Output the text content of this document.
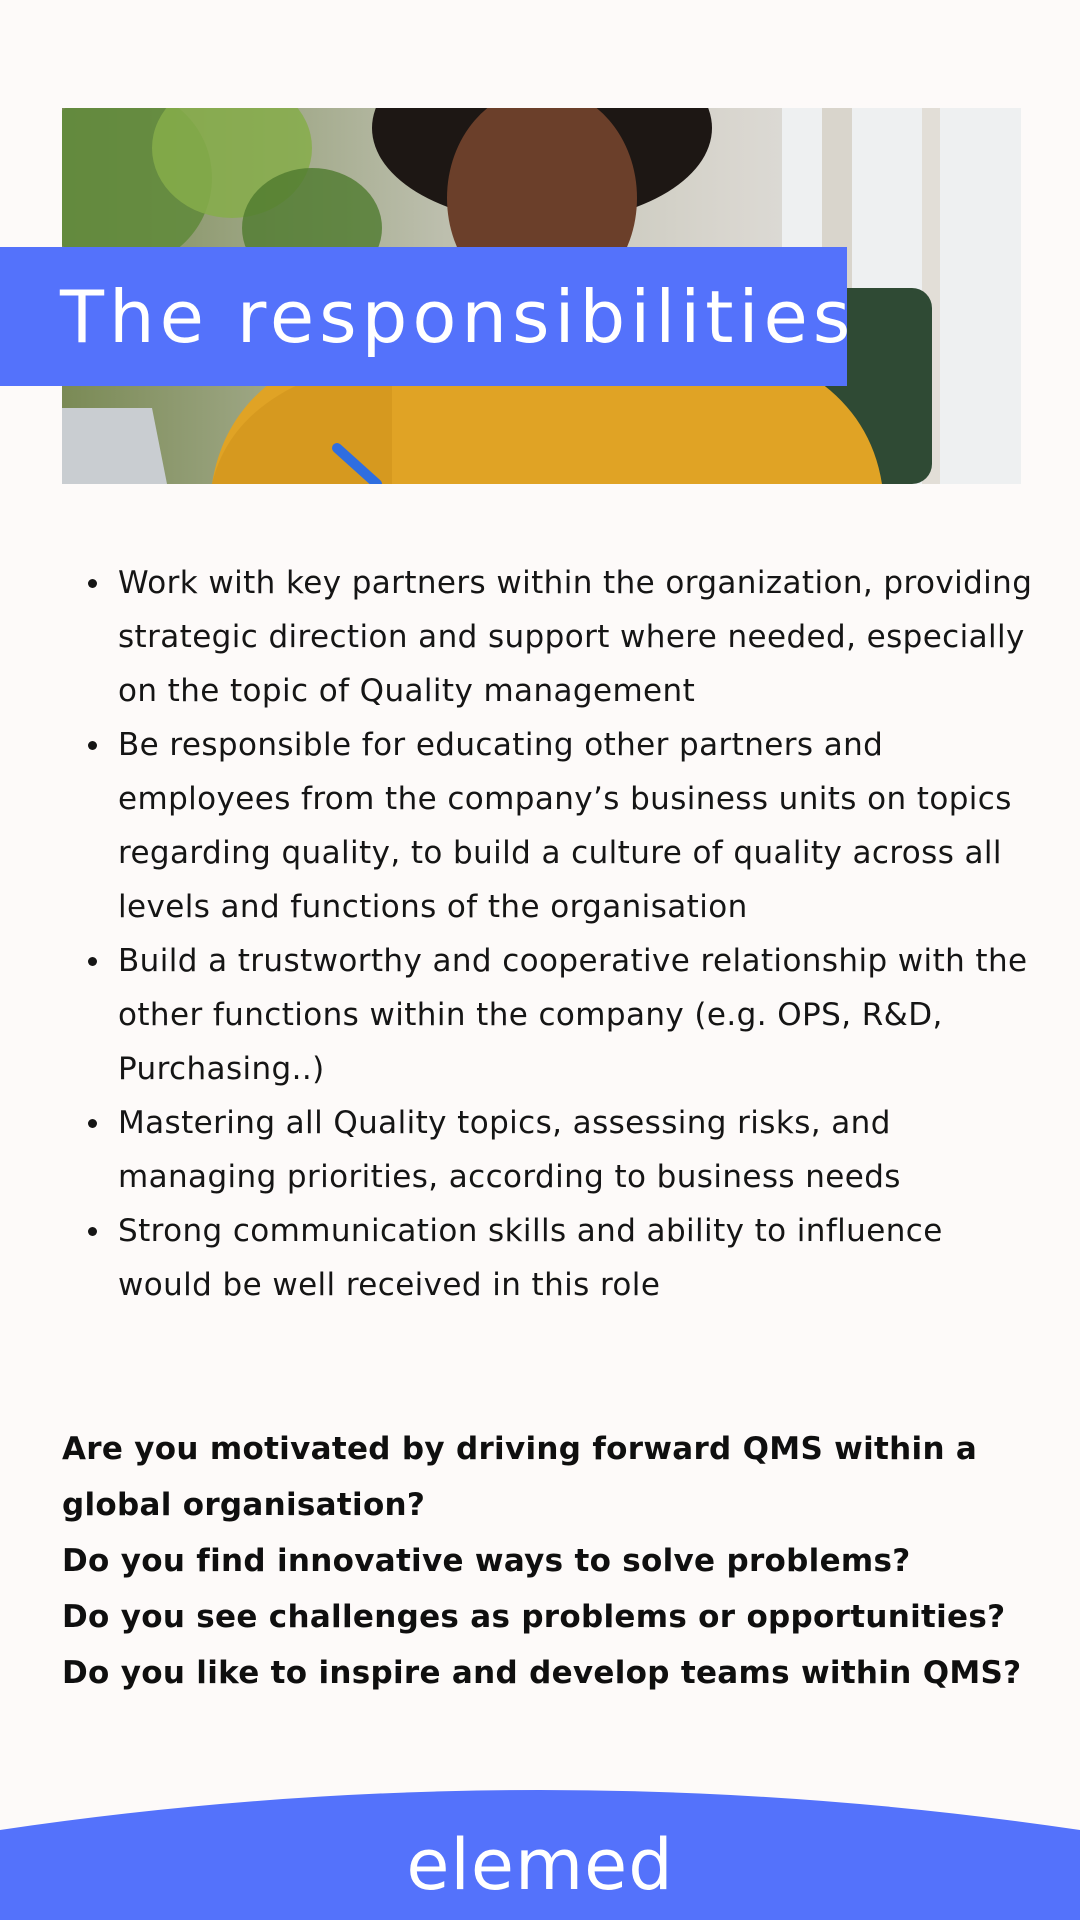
The responsibilities
Work with key partners within the organization, providing strategic direction and support where needed, especially on the topic of Quality management
Be responsible for educating other partners and employees from the company’s business units on topics regarding quality, to build a culture of quality across all levels and functions of the organisation
Build a trustworthy and cooperative relationship with the other functions within the company (e.g. OPS, R&D, Purchasing..)
Mastering all Quality topics, assessing risks, and managing priorities, according to business needs
Strong communication skills and ability to influence would be well received in this role

Are you motivated by driving forward QMS within a global organisation?

Do you find innovative ways to solve problems?

Do you see challenges as problems or opportunities?

Do you like to inspire and develop teams within QMS?

elemed
